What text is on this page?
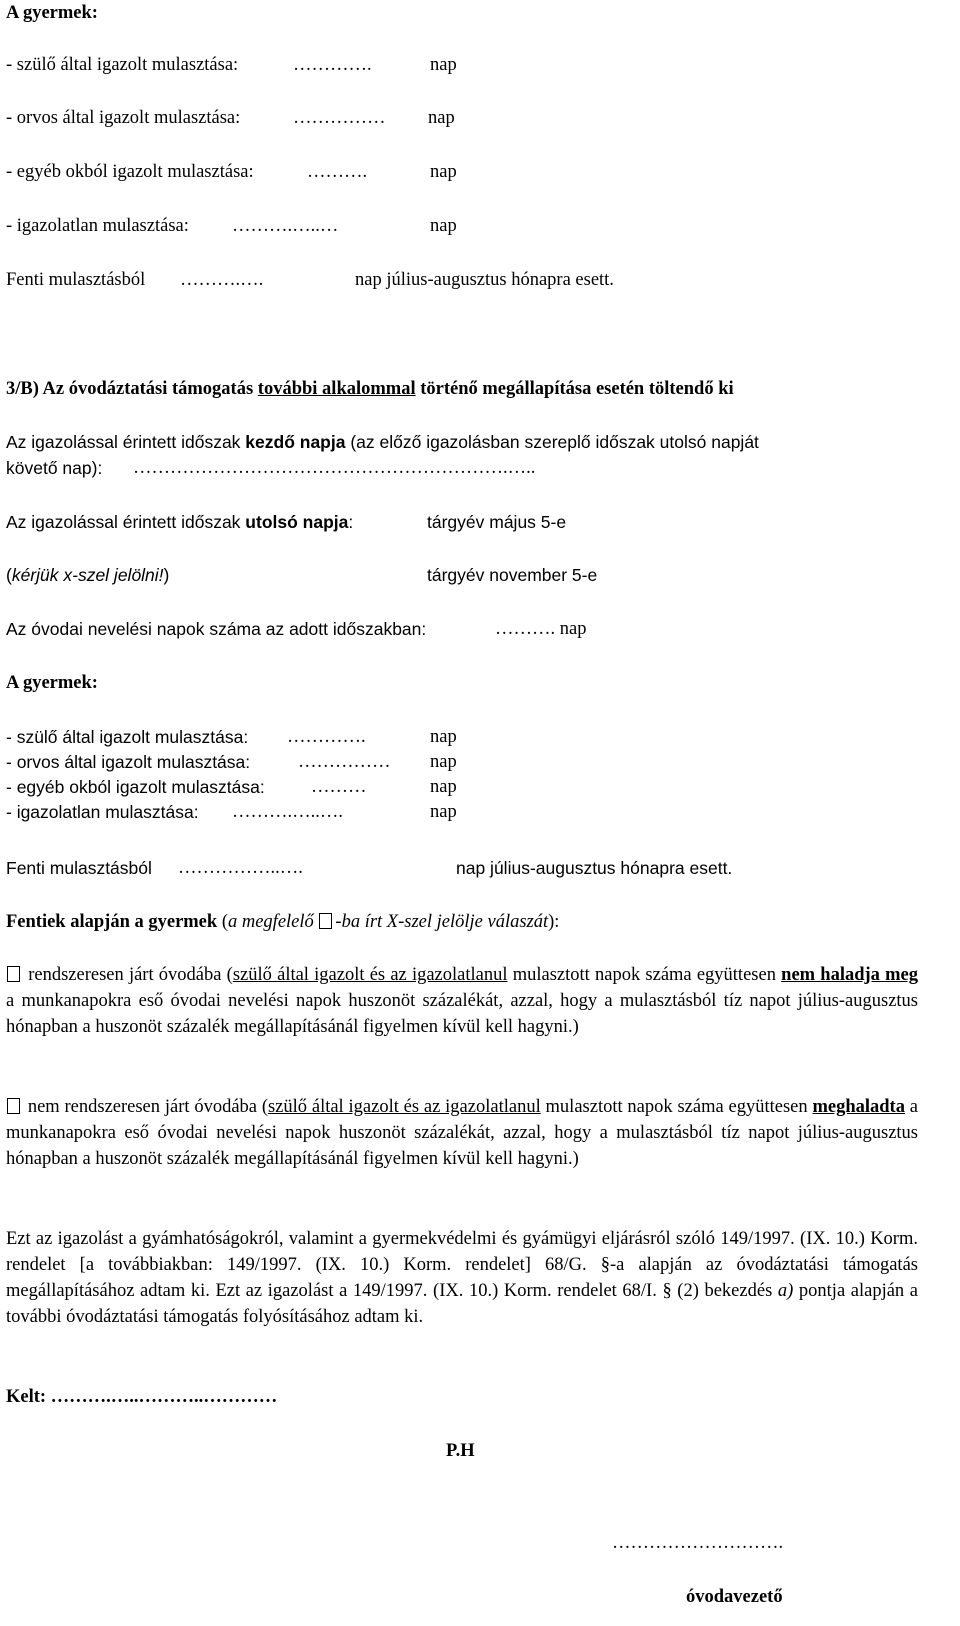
A gyermek:
- szülő által igazolt mulasztása:	………….	nap
- orvos által igazolt mulasztása:	…………… nap
- egyéb okból igazolt mulasztása:	……….	nap
- igazolatlan mulasztása: ……….…..…	nap
Fenti mulasztásból ……….….	nap július-augusztus hónapra esett.
3/B) Az óvodáztatási támogatás további alkalommal történő megállapítása esetén töltendő ki
Az igazolással érintett időszak kezdő napja (az előző igazolásban szereplő időszak utolsó napját
követő nap): …………………………………………………….…..
Az igazolással érintett időszak utolsó napja:	tárgyév május 5-e
(kérjük x-szel jelölni!)	tárgyév november 5-e
Az óvodai nevelési napok száma az adott időszakban:	………. nap
A gyermek:
- szülő által igazolt mulasztása: ………….	nap
- orvos által igazolt mulasztása:	…………… nap
- egyéb okból igazolt mulasztása:	………	nap
- igazolatlan mulasztása: ……….…..….	nap
Fenti mulasztásból ……………..….	nap július-augusztus hónapra esett.
Fentiek alapján a gyermek (a megfelelő -ba írt X-szel jelölje válaszát):
rendszeresen járt óvodába (szülő által igazolt és az igazolatlanul mulasztott napok száma együttesen nem haladja meg a munkanapokra eső óvodai nevelési napok huszonöt százalékát, azzal, hogy a mulasztásból tíz napot július-augusztus hónapban a huszonöt százalék megállapításánál figyelmen kívül kell hagyni.)
nem rendszeresen járt óvodába (szülő által igazolt és az igazolatlanul mulasztott napok száma együttesen meghaladta a munkanapokra eső óvodai nevelési napok huszonöt százalékát, azzal, hogy a mulasztásból tíz napot július-augusztus hónapban a huszonöt százalék megállapításánál figyelmen kívül kell hagyni.)
Ezt az igazolást a gyámhatóságokról, valamint a gyermekvédelmi és gyámügyi eljárásról szóló 149/1997. (IX. 10.) Korm. rendelet [a továbbiakban: 149/1997. (IX. 10.) Korm. rendelet] 68/G. §-a alapján az óvodáztatási támogatás megállapításához adtam ki. Ezt az igazolást a 149/1997. (IX. 10.) Korm. rendelet 68/I. § (2) bekezdés a) pontja alapján a további óvodáztatási támogatás folyósításához adtam ki.
Kelt: ……….…..………..…………
P.H
……………………….
óvodavezető
